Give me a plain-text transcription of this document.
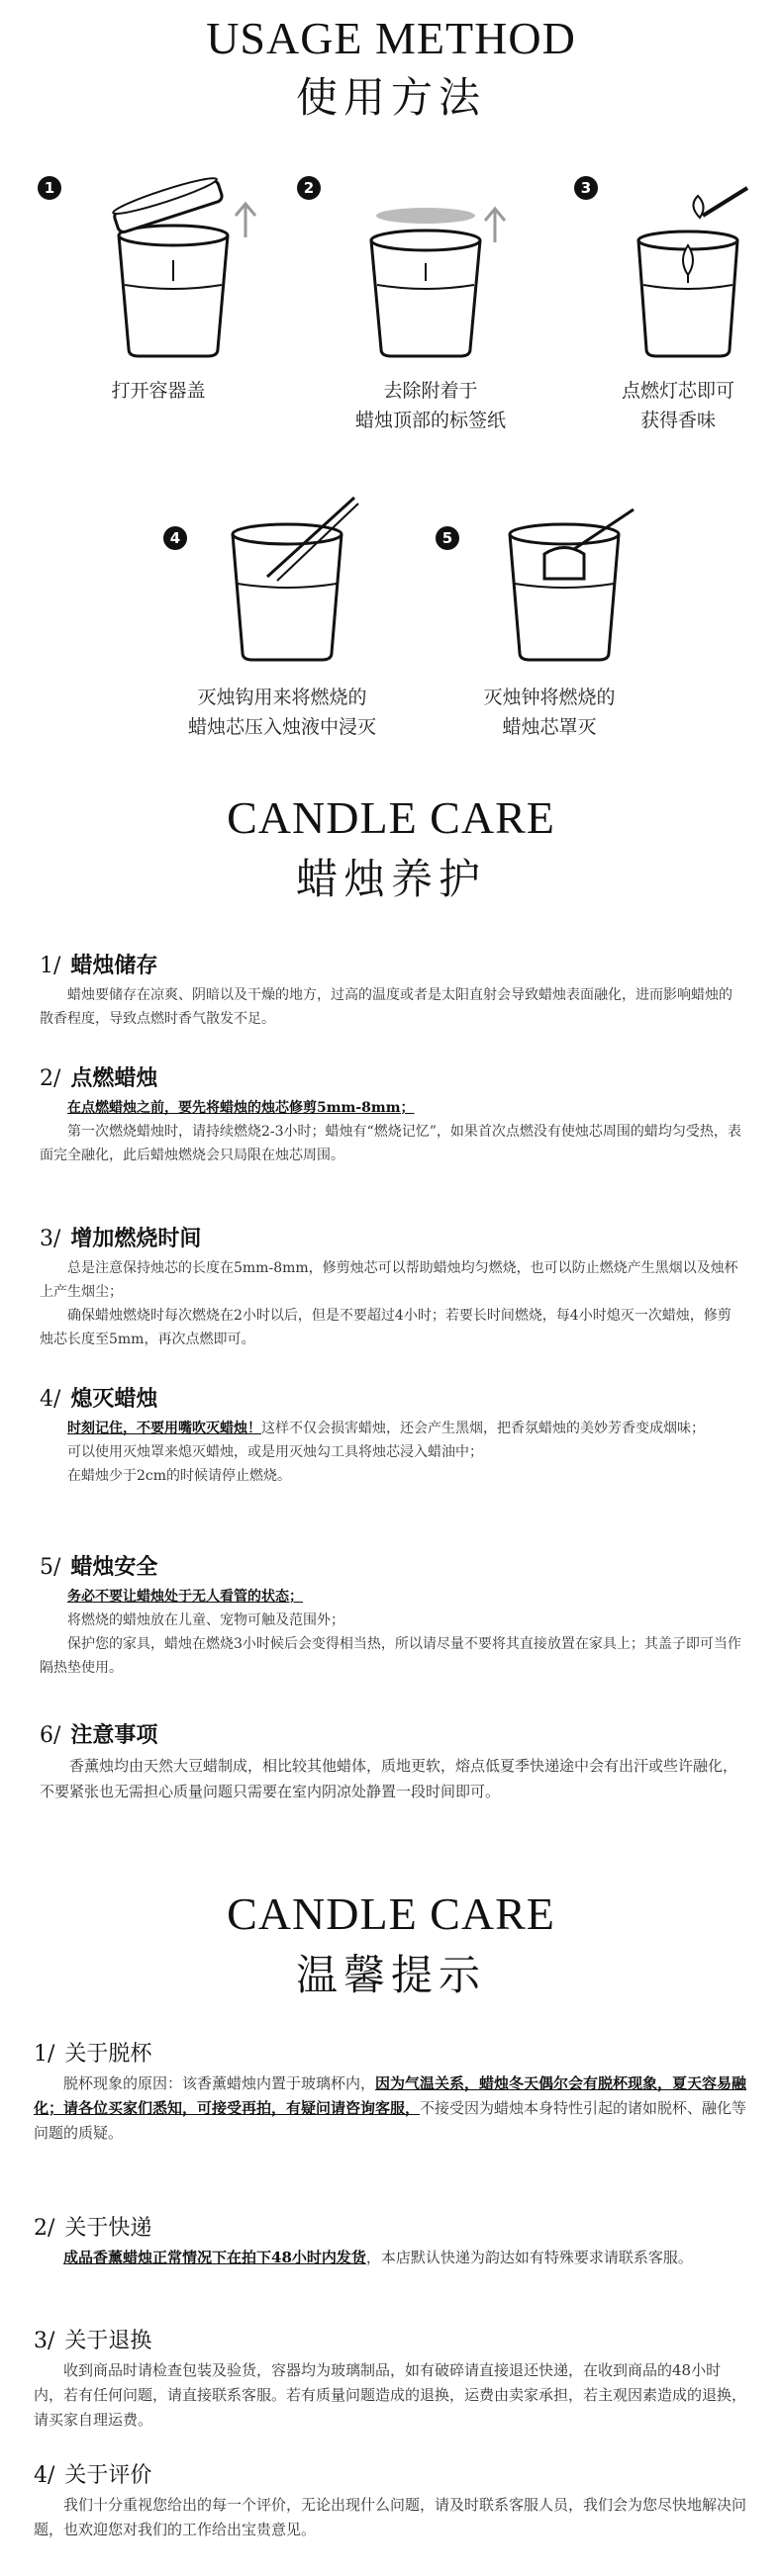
USAGE METHOD
使用方法
1
打开容器盖
2
去除附着于
蜡烛顶部的标签纸
3
点燃灯芯即可
获得香味
4
灭烛钩用来将燃烧的
蜡烛芯压入烛液中浸灭
5
灭烛钟将燃烧的
蜡烛芯罩灭
CANDLE CARE
蜡烛养护
1/ 蜡烛储存

蜡烛要储存在凉爽、阴暗以及干燥的地方，过高的温度或者是太阳直射会导致蜡烛表面融化，进而影响蜡烛的散香程度，导致点燃时香气散发不足。

2/ 点燃蜡烛

在点燃蜡烛之前，要先将蜡烛的烛芯修剪5mm-8mm；

第一次燃烧蜡烛时，请持续燃烧2-3小时；蜡烛有“燃烧记忆”，如果首次点燃没有使烛芯周围的蜡均匀受热，表面完全融化，此后蜡烛燃烧会只局限在烛芯周围。

3/ 增加燃烧时间

总是注意保持烛芯的长度在5mm-8mm，修剪烛芯可以帮助蜡烛均匀燃烧，也可以防止燃烧产生黑烟以及烛杯上产生烟尘；

确保蜡烛燃烧时每次燃烧在2小时以后，但是不要超过4小时；若要长时间燃烧，每4小时熄灭一次蜡烛，修剪烛芯长度至5mm，再次点燃即可。

4/ 熄灭蜡烛

时刻记住，不要用嘴吹灭蜡烛！这样不仅会损害蜡烛，还会产生黑烟，把香氛蜡烛的美妙芳香变成烟味；

可以使用灭烛罩来熄灭蜡烛，或是用灭烛勾工具将烛芯浸入蜡油中；

在蜡烛少于2cm的时候请停止燃烧。

5/ 蜡烛安全

务必不要让蜡烛处于无人看管的状态；

将燃烧的蜡烛放在儿童、宠物可触及范围外；

保护您的家具，蜡烛在燃烧3小时候后会变得相当热，所以请尽量不要将其直接放置在家具上；其盖子即可当作隔热垫使用。

6/ 注意事项

香薰烛均由天然大豆蜡制成，相比较其他蜡体，质地更软，熔点低夏季快递途中会有出汗或些许融化，不要紧张也无需担心质量问题只需要在室内阴凉处静置一段时间即可。

CANDLE CARE
温馨提示
1/ 关于脱杯

脱杯现象的原因：该香薰蜡烛内置于玻璃杯内，因为气温关系，蜡烛冬天偶尔会有脱杯现象，夏天容易融化；请各位买家们悉知，可接受再拍，有疑问请咨询客服，不接受因为蜡烛本身特性引起的诸如脱杯、融化等问题的质疑。

2/ 关于快递

成品香薰蜡烛正常情况下在拍下48小时内发货，本店默认快递为韵达如有特殊要求请联系客服。

3/ 关于退换

收到商品时请检查包装及验货，容器均为玻璃制品，如有破碎请直接退还快递，在收到商品的48小时内，若有任何问题，请直接联系客服。若有质量问题造成的退换，运费由卖家承担，若主观因素造成的退换，请买家自理运费。

4/ 关于评价

我们十分重视您给出的每一个评价，无论出现什么问题，请及时联系客服人员，我们会为您尽快地解决问题，也欢迎您对我们的工作给出宝贵意见。
